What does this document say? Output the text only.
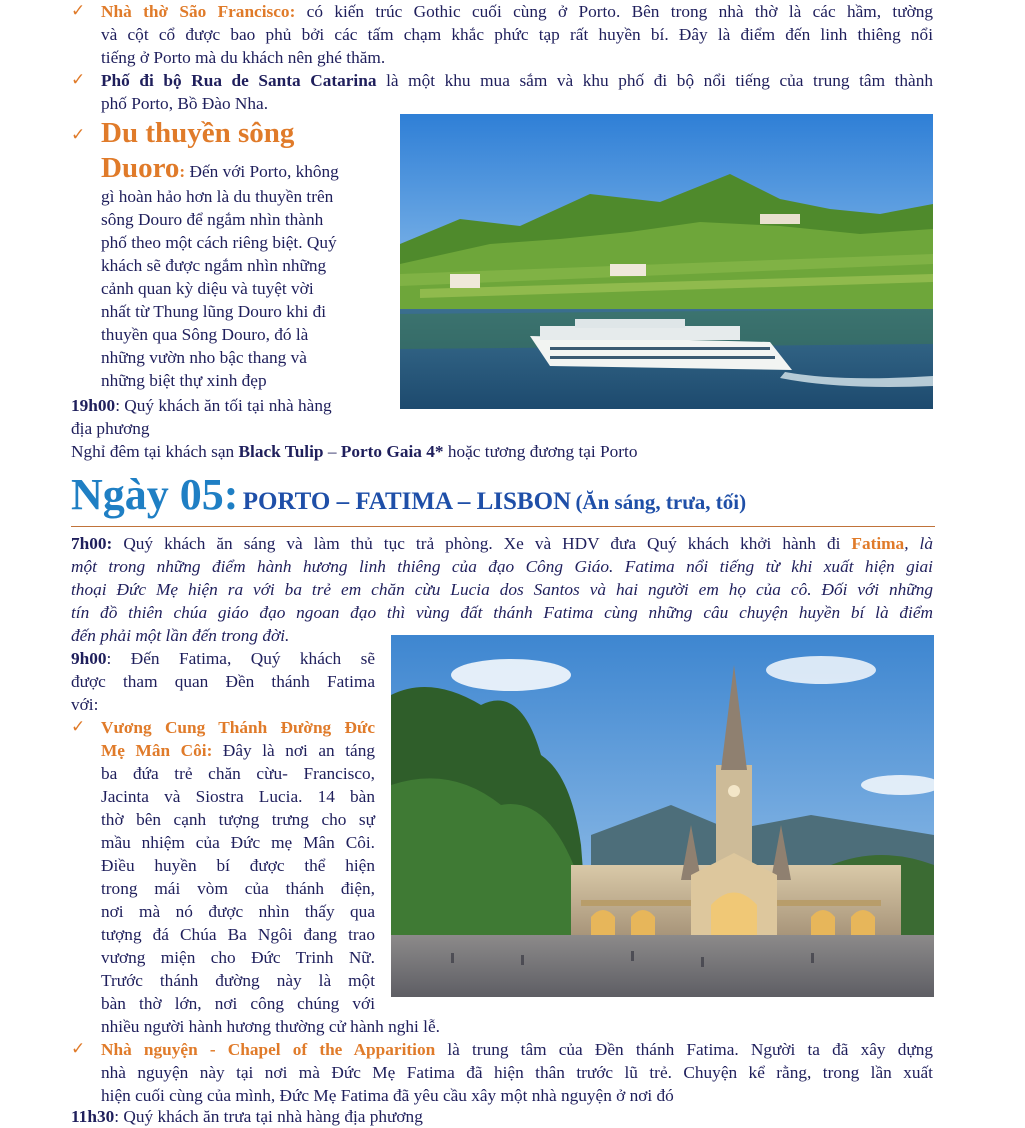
✓ Nhà thờ São Francisco: có kiến trúc Gothic cuối cùng ở Porto. Bên trong nhà thờ là các hầm, tường
và cột cổ được bao phủ bởi các tấm chạm khắc phức tạp rất huyền bí. Đây là điểm đến linh thiêng nổi
tiếng ở Porto mà du khách nên ghé thăm.
✓ Phố đi bộ Rua de Santa Catarina là một khu mua sắm và khu phố đi bộ nổi tiếng của trung tâm thành
phố Porto, Bồ Đào Nha.
✓ Du thuyền sông
Duoro: Đến với Porto, không
gì hoàn hảo hơn là du thuyền trên
sông Douro để ngắm nhìn thành
phố theo một cách riêng biệt. Quý
khách sẽ được ngắm nhìn những
cảnh quan kỳ diệu và tuyệt vời
nhất từ Thung lũng Douro khi đi
thuyền qua Sông Douro, đó là
những vườn nho bậc thang và
những biệt thự xinh đẹp
19h00: Quý khách ăn tối tại nhà hàng
địa phương
Nghỉ đêm tại khách sạn Black Tulip – Porto Gaia 4* hoặc tương đương tại Porto
Ngày 05: PORTO – FATIMA – LISBON (Ăn sáng, trưa, tối)
7h00: Quý khách ăn sáng và làm thủ tục trả phòng. Xe và HDV đưa Quý khách khởi hành đi Fatima, là
một trong những điểm hành hương linh thiêng của đạo Công Giáo. Fatima nổi tiếng từ khi xuất hiện giai
thoại Đức Mẹ hiện ra với ba trẻ em chăn cừu Lucia dos Santos và hai người em họ của cô. Đối với những
tín đồ thiên chúa giáo đạo ngoan đạo thì vùng đất thánh Fatima cùng những câu chuyện huyền bí là điểm
đến phải một lần đến trong đời.
9h00: Đến Fatima, Quý khách sẽ
được tham quan Đền thánh Fatima
với:
✓ Vương Cung Thánh Đường Đức
Mẹ Mân Côi: Đây là nơi an táng
ba đứa trẻ chăn cừu- Francisco,
Jacinta và Siostra Lucia. 14 bàn
thờ bên cạnh tượng trưng cho sự
mầu nhiệm của Đức mẹ Mân Côi.
Điều huyền bí được thể hiện
trong mái vòm của thánh điện,
nơi mà nó được nhìn thấy qua
tượng đá Chúa Ba Ngôi đang trao
vương miện cho Đức Trinh Nữ.
Trước thánh đường này là một
bàn thờ lớn, nơi công chúng với
nhiều người hành hương thường cử hành nghi lễ.
✓ Nhà nguyện - Chapel of the Apparition là trung tâm của Đền thánh Fatima. Người ta đã xây dựng
nhà nguyện này tại nơi mà Đức Mẹ Fatima đã hiện thân trước lũ trẻ. Chuyện kể rằng, trong lần xuất
hiện cuối cùng của mình, Đức Mẹ Fatima đã yêu cầu xây một nhà nguyện ở nơi đó
11h30: Quý khách ăn trưa tại nhà hàng địa phương
